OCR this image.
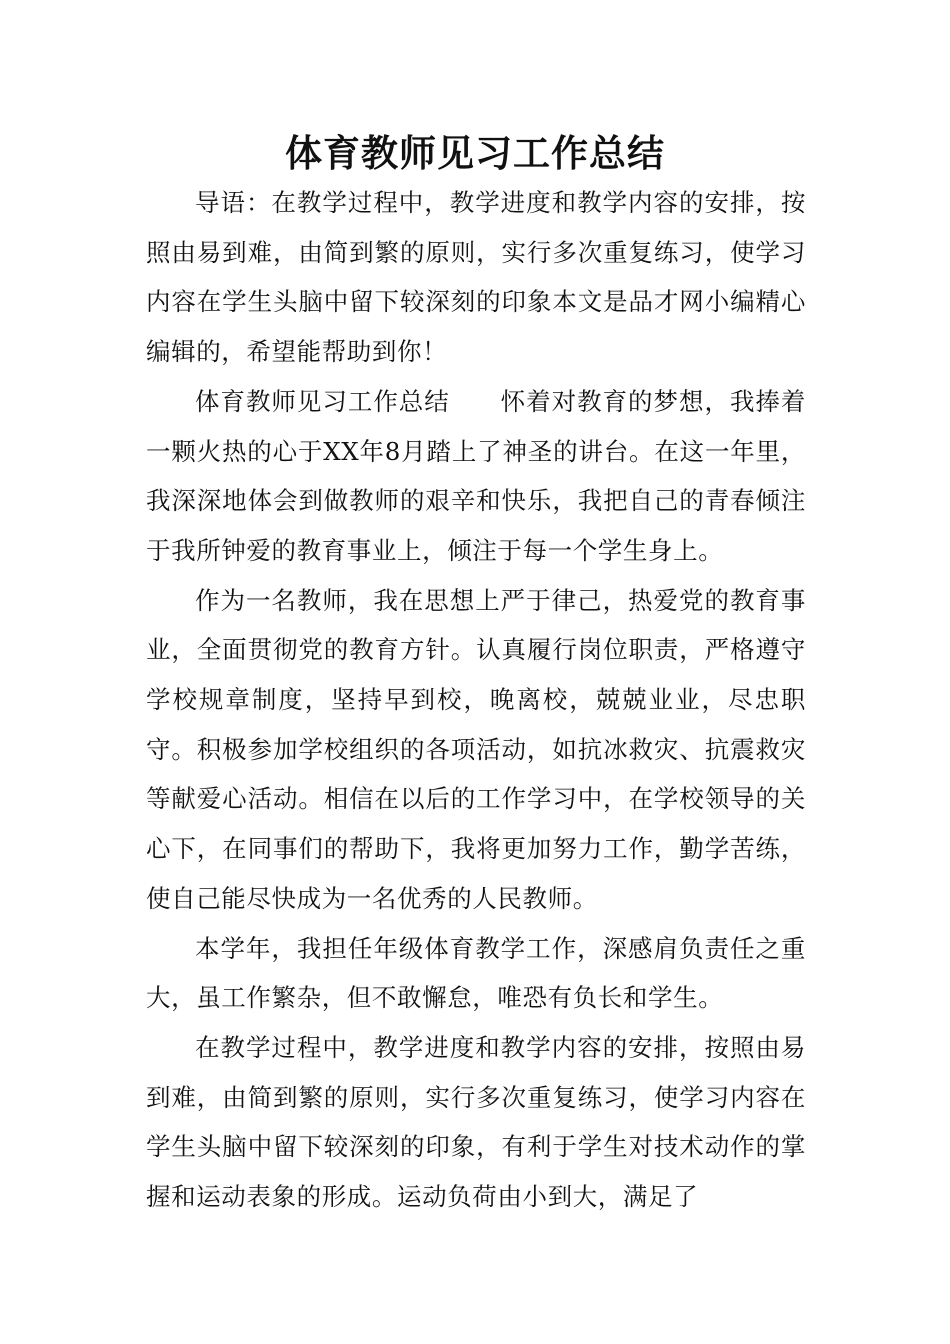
体育教师见习工作总结

导语：在教学过程中，教学进度和教学内容的安排，按照由易到难，由简到繁的原则，实行多次重复练习，使学习内容在学生头脑中留下较深刻的印象本文是品才网小编精心编辑的，希望能帮助到你！

体育教师见习工作总结　　怀着对教育的梦想，我捧着一颗火热的心于XX年8月踏上了神圣的讲台。在这一年里，我深深地体会到做教师的艰辛和快乐，我把自己的青春倾注于我所钟爱的教育事业上，倾注于每一个学生身上。

作为一名教师，我在思想上严于律己，热爱党的教育事业，全面贯彻党的教育方针。认真履行岗位职责，严格遵守学校规章制度，坚持早到校，晚离校，兢兢业业，尽忠职守。积极参加学校组织的各项活动，如抗冰救灾、抗震救灾等献爱心活动。相信在以后的工作学习中，在学校领导的关心下，在同事们的帮助下，我将更加努力工作，勤学苦练，使自己能尽快成为一名优秀的人民教师。

本学年，我担任年级体育教学工作，深感肩负责任之重大，虽工作繁杂，但不敢懈怠，唯恐有负长和学生。

在教学过程中，教学进度和教学内容的安排，按照由易到难，由简到繁的原则，实行多次重复练习，使学习内容在学生头脑中留下较深刻的印象，有利于学生对技术动作的掌握和运动表象的形成。运动负荷由小到大，满足了
